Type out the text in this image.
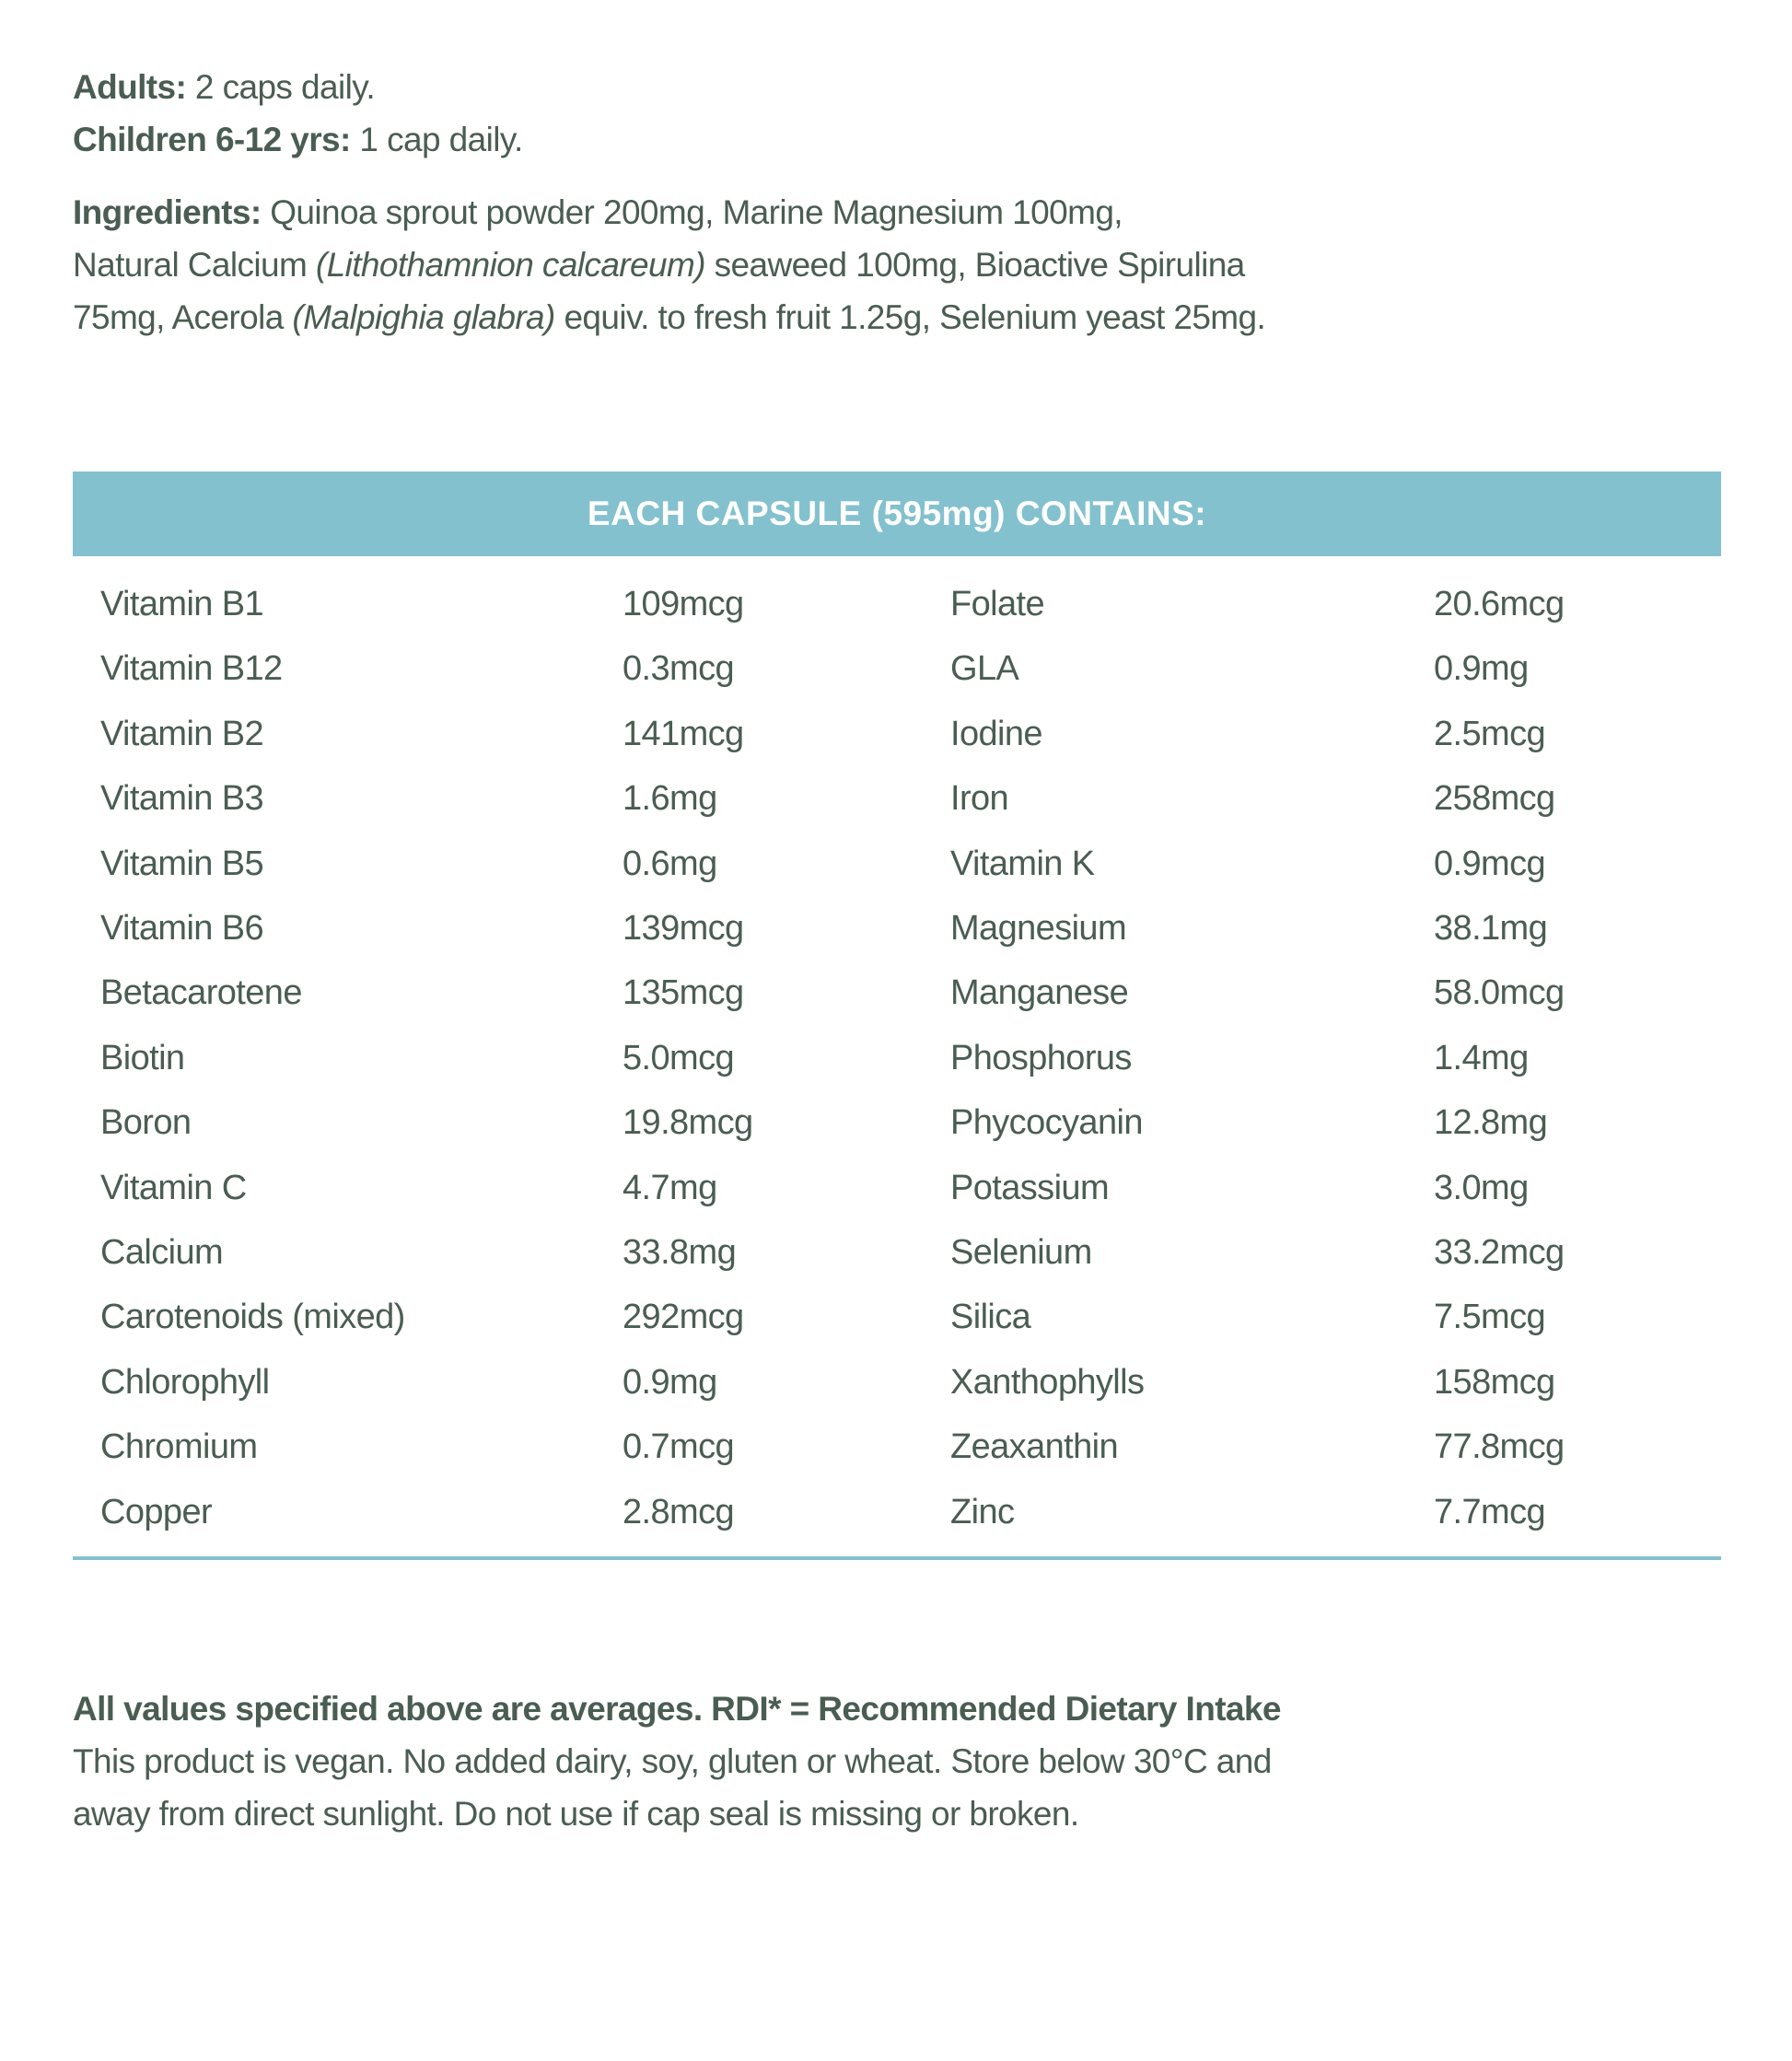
Adults: 2 caps daily.
Children 6-12 yrs: 1 cap daily.
Ingredients: Quinoa sprout powder 200mg, Marine Magnesium 100mg,
Natural Calcium (Lithothamnion calcareum) seaweed 100mg, Bioactive Spirulina
75mg, Acerola (Malpighia glabra) equiv. to fresh fruit 1.25g, Selenium yeast 25mg.
EACH CAPSULE (595mg) CONTAINS:
Vitamin B1	109mcg	Folate	20.6mcg
Vitamin B12	0.3mcg	GLA	0.9mg
Vitamin B2	141mcg	Iodine	2.5mcg
Vitamin B3	1.6mg	Iron	258mcg
Vitamin B5	0.6mg	Vitamin K	0.9mcg
Vitamin B6	139mcg	Magnesium	38.1mg
Betacarotene	135mcg	Manganese	58.0mcg
Biotin	5.0mcg	Phosphorus	1.4mg
Boron	19.8mcg	Phycocyanin	12.8mg
Vitamin C	4.7mg	Potassium	3.0mg
Calcium	33.8mg	Selenium	33.2mcg
Carotenoids (mixed)	292mcg	Silica	7.5mcg
Chlorophyll	0.9mg	Xanthophylls	158mcg
Chromium	0.7mcg	Zeaxanthin	77.8mcg
Copper	2.8mcg	Zinc	7.7mcg
All values specified above are averages. RDI* = Recommended Dietary Intake
This product is vegan. No added dairy, soy, gluten or wheat. Store below 30°C and
away from direct sunlight. Do not use if cap seal is missing or broken.
